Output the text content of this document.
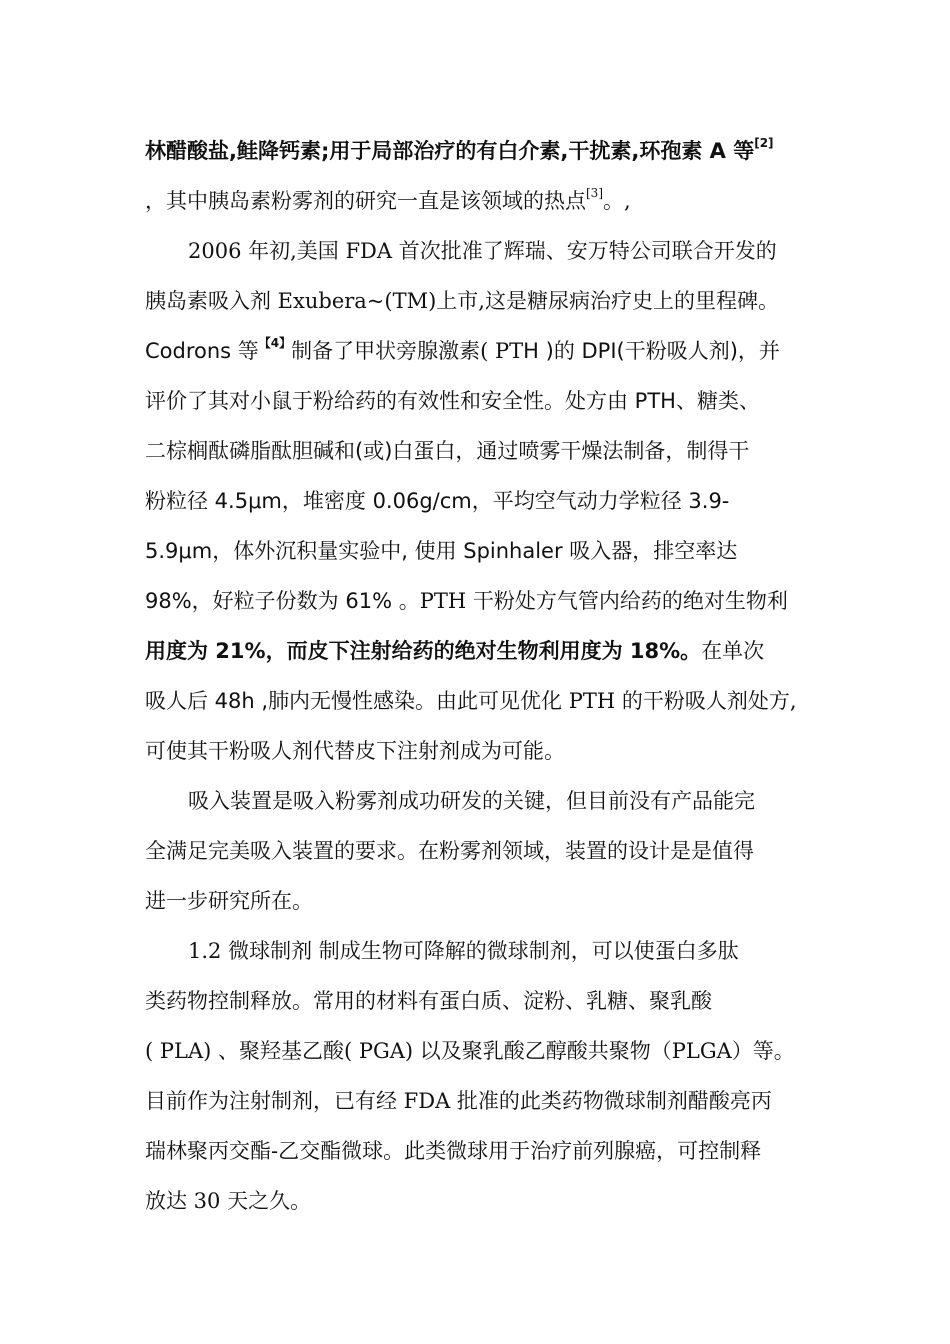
林醋酸盐,鲑降钙素;用于局部治疗的有白介素,干扰素,环孢素 A 等[2]
，其中胰岛素粉雾剂的研究一直是该领域的热点[3]。,
2006 年初,美国 FDA 首次批准了辉瑞、安万特公司联合开发的
胰岛素吸入剂 Exubera~(TM)上市,这是糖尿病治疗史上的里程碑。
Codrons 等$^{【4】}$制备了甲状旁腺激素( PTH )的 DPI(干粉吸人剂)，并
评价了其对小鼠于粉给药的有效性和安全性。处方由 PTH、糖类、
二棕榈酞磷脂酞胆碱和(或)白蛋白，通过喷雾干燥法制备，制得干
粉粒径 4.5μm，堆密度 0.06g/cm，平均空气动力学粒径 3.9-
5.9μm，体外沉积量实验中, 使用 Spinhaler 吸入器，排空率达
98%，好粒子份数为 61% 。PTH 干粉处方气管内给药的绝对生物利
用度为 21%，而皮下注射给药的绝对生物利用度为 18%。在单次
吸人后 48h ,肺内无慢性感染。由此可见优化 PTH 的干粉吸人剂处方,
可使其干粉吸人剂代替皮下注射剂成为可能。
吸入装置是吸入粉雾剂成功研发的关键，但目前没有产品能完
全满足完美吸入装置的要求。在粉雾剂领域，装置的设计是是值得
进一步研究所在。
1.2 微球制剂 制成生物可降解的微球制剂，可以使蛋白多肽
类药物控制释放。常用的材料有蛋白质、淀粉、乳糖、聚乳酸
( PLA) 、聚羟基乙酸( PGA) 以及聚乳酸乙醇酸共聚物（PLGA）等。
目前作为注射制剂，已有经 FDA 批准的此类药物微球制剂醋酸亮丙
瑞林聚丙交酯-乙交酯微球。此类微球用于治疗前列腺癌，可控制释
放达 30 天之久。
